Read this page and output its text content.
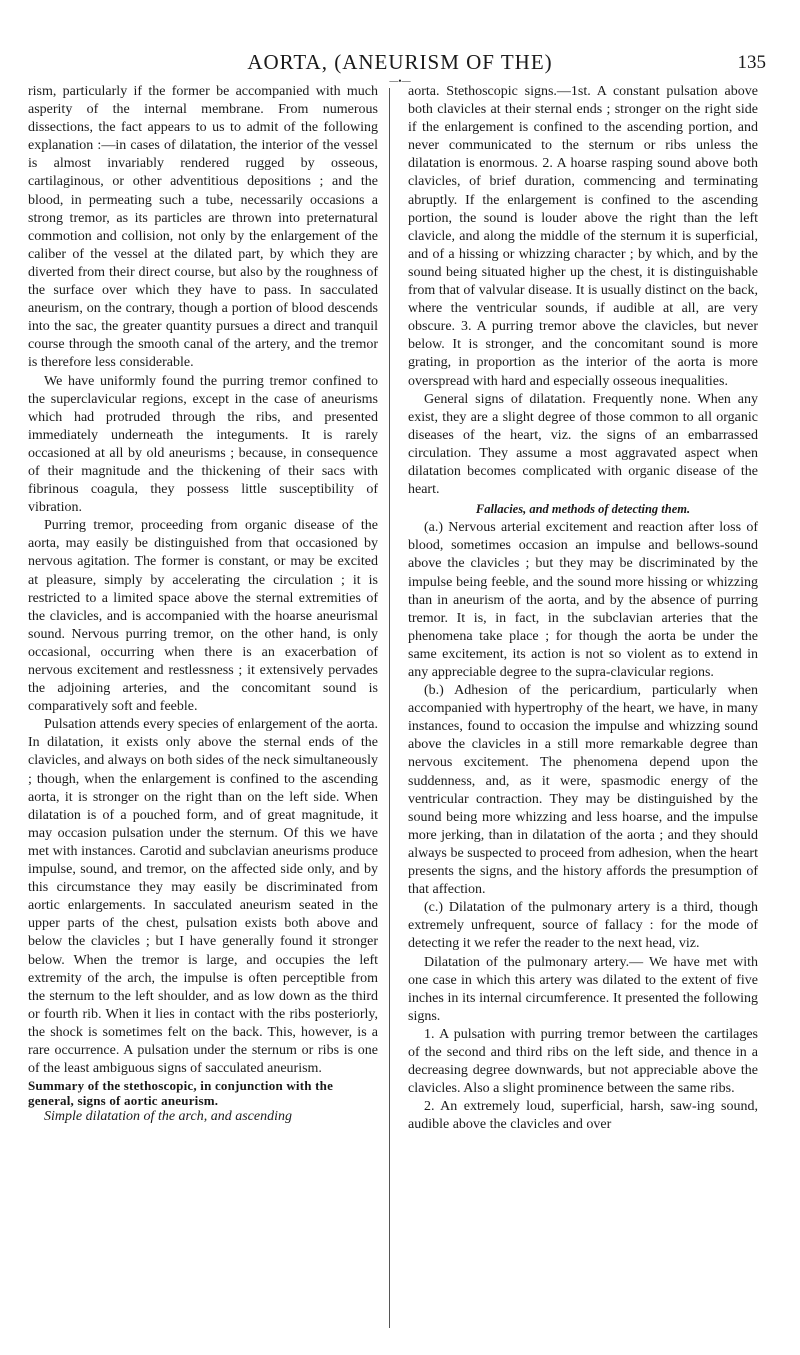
AORTA, (ANEURISM OF THE)	135
—•—

rism, particularly if the former be accompanied with much asperity of the internal membrane. From numerous dissections, the fact appears to us to admit of the following explanation :—in cases of dilatation, the interior of the vessel is almost invariably rendered rugged by osseous, cartilaginous, or other adventitious depositions ; and the blood, in permeating such a tube, necessarily occasions a strong tremor, as its particles are thrown into preternatural commotion and collision, not only by the enlargement of the caliber of the vessel at the dilated part, by which they are diverted from their direct course, but also by the roughness of the surface over which they have to pass. In sacculated aneurism, on the contrary, though a portion of blood descends into the sac, the greater quantity pursues a direct and tranquil course through the smooth canal of the artery, and the tremor is therefore less considerable.

We have uniformly found the purring tremor confined to the superclavicular regions, except in the case of aneurisms which had protruded through the ribs, and presented immediately underneath the integuments. It is rarely occasioned at all by old aneurisms ; because, in consequence of their magnitude and the thickening of their sacs with fibrinous coagula, they possess little susceptibility of vibration.

Purring tremor, proceeding from organic disease of the aorta, may easily be distinguished from that occasioned by nervous agitation. The former is constant, or may be excited at pleasure, simply by accelerating the circulation ; it is restricted to a limited space above the sternal extremities of the clavicles, and is accompanied with the hoarse aneurismal sound. Nervous purring tremor, on the other hand, is only occasional, occurring when there is an exacerbation of nervous excitement and restlessness ; it extensively pervades the adjoining arteries, and the concomitant sound is comparatively soft and feeble.

Pulsation attends every species of enlargement of the aorta. In dilatation, it exists only above the sternal ends of the clavicles, and always on both sides of the neck simultaneously ; though, when the enlargement is confined to the ascending aorta, it is stronger on the right than on the left side. When dilatation is of a pouched form, and of great magnitude, it may occasion pulsation under the sternum. Of this we have met with instances. Carotid and subclavian aneurisms produce impulse, sound, and tremor, on the affected side only, and by this circumstance they may easily be discriminated from aortic enlargements. In sacculated aneurism seated in the upper parts of the chest, pulsation exists both above and below the clavicles ; but I have generally found it stronger below. When the tremor is large, and occupies the left extremity of the arch, the impulse is often perceptible from the sternum to the left shoulder, and as low down as the third or fourth rib. When it lies in contact with the ribs posteriorly, the shock is sometimes felt on the back. This, however, is a rare occurrence. A pulsation under the sternum or ribs is one of the least ambiguous signs of sacculated aneurism.

Summary of the stethoscopic, in conjunction with the general, signs of aortic aneurism.

Simple dilatation of the arch, and ascending

aorta. Stethoscopic signs.—1st. A constant pulsation above both clavicles at their sternal ends ; stronger on the right side if the enlargement is confined to the ascending portion, and never communicated to the sternum or ribs unless the dilatation is enormous. 2. A hoarse rasping sound above both clavicles, of brief duration, commencing and terminating abruptly. If the enlargement is confined to the ascending portion, the sound is louder above the right than the left clavicle, and along the middle of the sternum it is superficial, and of a hissing or whizzing character ; by which, and by the sound being situated higher up the chest, it is distinguishable from that of valvular disease. It is usually distinct on the back, where the ventricular sounds, if audible at all, are very obscure. 3. A purring tremor above the clavicles, but never below. It is stronger, and the concomitant sound is more grating, in proportion as the interior of the aorta is more overspread with hard and especially osseous inequalities.

General signs of dilatation. Frequently none. When any exist, they are a slight degree of those common to all organic diseases of the heart, viz. the signs of an embarrassed circulation. They assume a most aggravated aspect when dilatation becomes complicated with organic disease of the heart.

Fallacies, and methods of detecting them.

(a.) Nervous arterial excitement and reaction after loss of blood, sometimes occasion an impulse and bellows-sound above the clavicles ; but they may be discriminated by the impulse being feeble, and the sound more hissing or whizzing than in aneurism of the aorta, and by the absence of purring tremor. It is, in fact, in the subclavian arteries that the phenomena take place ; for though the aorta be under the same excitement, its action is not so violent as to extend in any appreciable degree to the supra-clavicular regions.

(b.) Adhesion of the pericardium, particularly when accompanied with hypertrophy of the heart, we have, in many instances, found to occasion the impulse and whizzing sound above the clavicles in a still more remarkable degree than nervous excitement. The phenomena depend upon the suddenness, and, as it were, spasmodic energy of the ventricular contraction. They may be distinguished by the sound being more whizzing and less hoarse, and the impulse more jerking, than in dilatation of the aorta ; and they should always be suspected to proceed from adhesion, when the heart presents the signs, and the history affords the presumption of that affection.

(c.) Dilatation of the pulmonary artery is a third, though extremely unfrequent, source of fallacy : for the mode of detecting it we refer the reader to the next head, viz.

Dilatation of the pulmonary artery.— We have met with one case in which this artery was dilated to the extent of five inches in its internal circumference. It presented the following signs.

1. A pulsation with purring tremor between the cartilages of the second and third ribs on the left side, and thence in a decreasing degree downwards, but not appreciable above the clavicles. Also a slight prominence between the same ribs.

2. An extremely loud, superficial, harsh, saw-ing sound, audible above the clavicles and over
